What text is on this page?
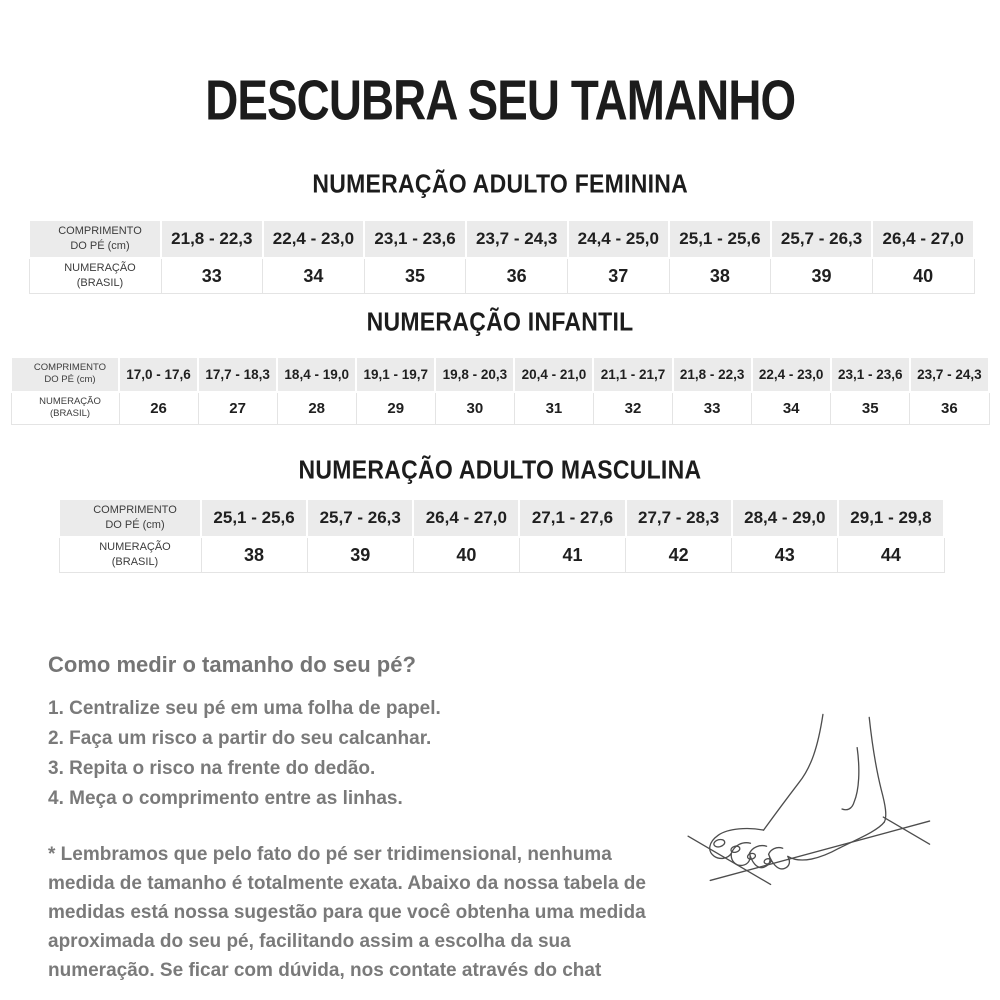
DESCUBRA SEU TAMANHO
NUMERAÇÃO ADULTO FEMININA
COMPRIMENTO DO PÉ (cm)	21,8 - 22,3	22,4 - 23,0	23,1 - 23,6	23,7 - 24,3	24,4 - 25,0	25,1 - 25,6	25,7 - 26,3	26,4 - 27,0
NUMERAÇÃO (BRASIL)	33	34	35	36	37	38	39	40
NUMERAÇÃO INFANTIL
COMPRIMENTO DO PÉ (cm)	17,0 - 17,6	17,7 - 18,3	18,4 - 19,0	19,1 - 19,7	19,8 - 20,3	20,4 - 21,0	21,1 - 21,7	21,8 - 22,3	22,4 - 23,0	23,1 - 23,6	23,7 - 24,3
NUMERAÇÃO (BRASIL)	26	27	28	29	30	31	32	33	34	35	36
NUMERAÇÃO ADULTO MASCULINA
COMPRIMENTO DO PÉ (cm)	25,1 - 25,6	25,7 - 26,3	26,4 - 27,0	27,1 - 27,6	27,7 - 28,3	28,4 - 29,0	29,1 - 29,8
NUMERAÇÃO (BRASIL)	38	39	40	41	42	43	44
Como medir o tamanho do seu pé?
1. Centralize seu pé em uma folha de papel.
2. Faça um risco a partir do seu calcanhar.
3. Repita o risco na frente do dedão.
4. Meça o comprimento entre as linhas.
* Lembramos que pelo fato do pé ser tridimensional, nenhuma medida de tamanho é totalmente exata. Abaixo da nossa tabela de medidas está nossa sugestão para que você obtenha uma medida aproximada do seu pé, facilitando assim a escolha da sua numeração. Se ficar com dúvida, nos contate através do chat
